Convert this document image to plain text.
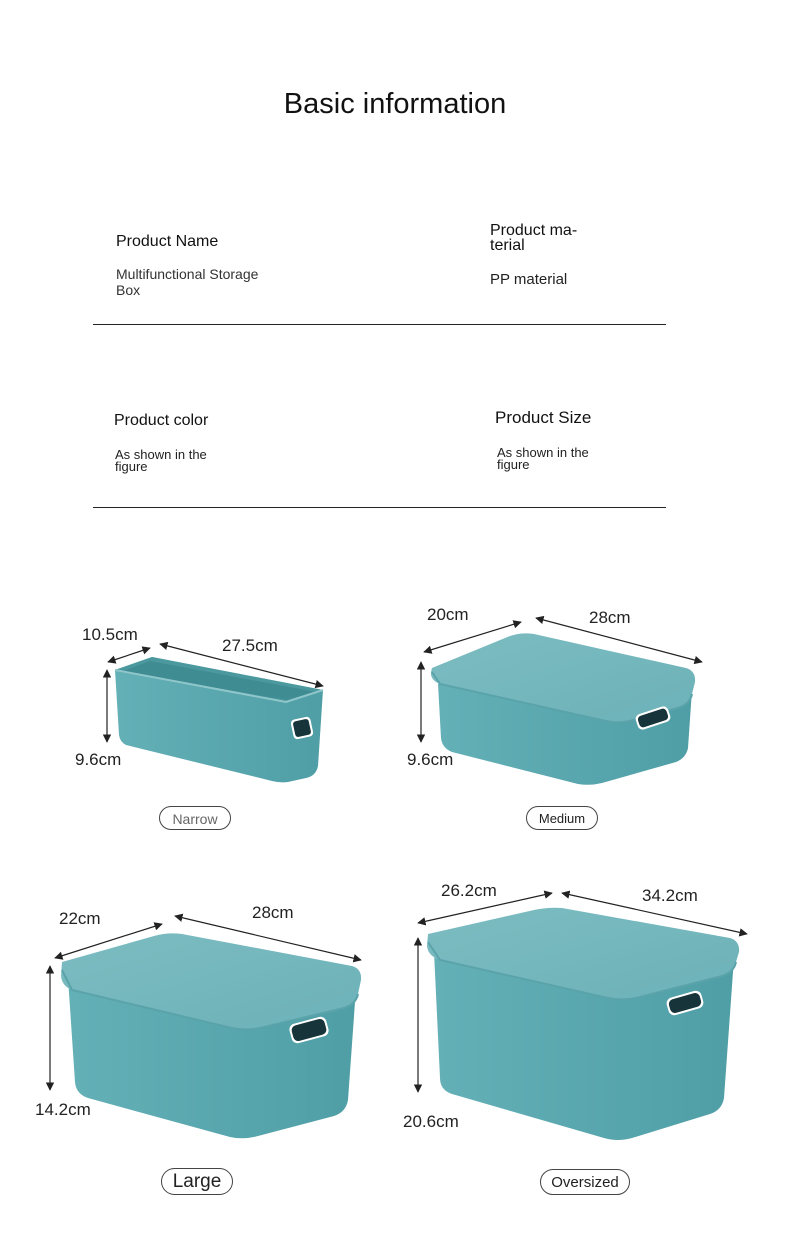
Basic information
Product Name
Multifunctional Storage
Box
Product ma-
terial
PP material
Product color
As shown in the
figure
Product Size
As shown in the
figure
10.5cm
27.5cm
9.6cm
Narrow
20cm	28cm
9.6cm
Medium
22cm	28cm
14.2cm
Large
26.2cm	34.2cm
20.6cm
Oversized
